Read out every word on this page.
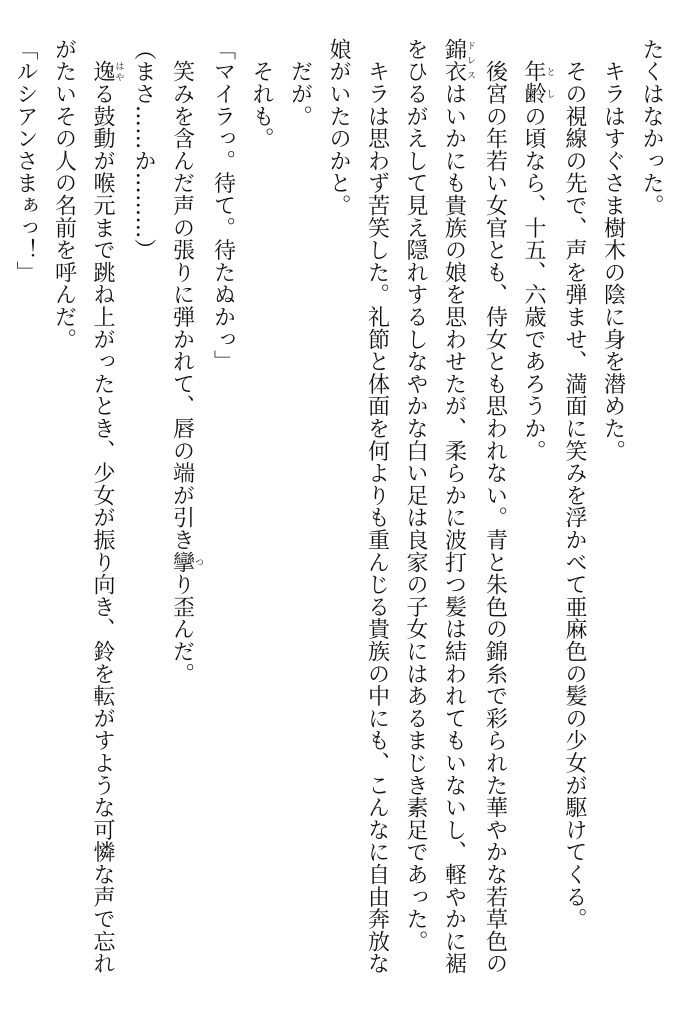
たくはなかった。
　キラはすぐさま樹木の陰に身を潜めた。
　その視線の先で、声を弾ませ、満面に笑みを浮かべて亜麻色の髪の少女が駆けてくる。
　年齢としの頃なら、十五、六歳であろうか。
　後宮の年若い女官とも、侍女とも思われない。青と朱色の錦糸で彩られた華やかな若草色の
錦衣ドレスはいかにも貴族の娘を思わせたが、柔らかに波打つ髪は結われてもいないし、軽やかに裾
をひるがえして見え隠れするしなやかな白い足は良家の子女にはあるまじき素足であった。
　キラは思わず苦笑した。礼節と体面を何よりも重んじる貴族の中にも、こんなに自由奔放な
娘がいたのかと。
　だが。
　それも。
「マイラっ。待て。待たぬかっ」
　笑みを含んだ声の張りに弾かれて、唇の端が引き攣つり歪んだ。
（まさ……か………）
　逸はやる鼓動が喉元まで跳ね上がったとき、少女が振り向き、鈴を転がすような可憐な声で忘れ
がたいその人の名前を呼んだ。
「ルシアンさまぁっ！」
